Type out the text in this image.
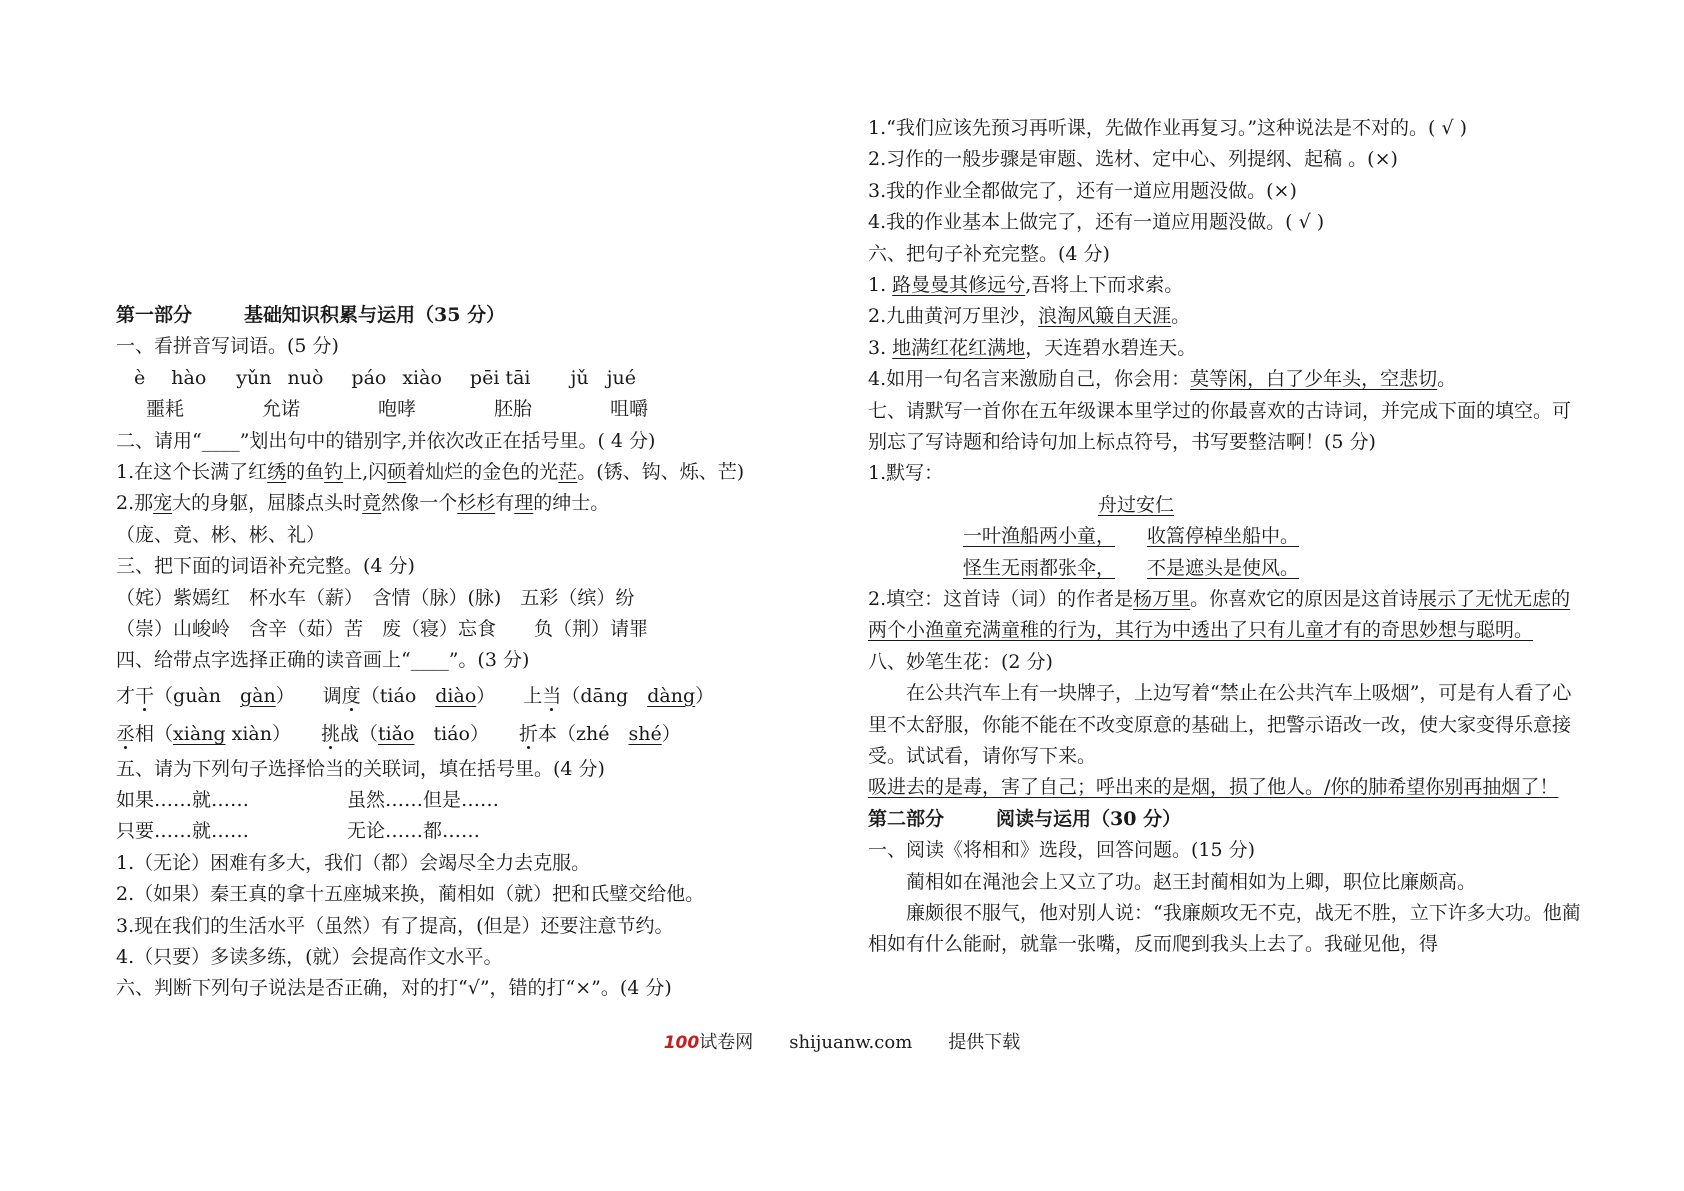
第一部分	基础知识积累与运用（35 分）
一、看拼音写词语。(5 分)
è hào yǔn nuò páo xiào pēi tāi jǔ jué
噩耗	允诺	咆哮	胚胎	咀嚼
二、请用“____”划出句中的错别字,并依次改正在括号里。( 4 分)
1.在这个长满了红绣的鱼钓上,闪硕着灿烂的金色的光茫。(锈、钩、烁、芒)
2.那宠大的身躯，屈膝点头时竟然像一个杉杉有理的绅士。
（庞、竟、彬、彬、礼）
三、把下面的词语补充完整。(4 分)
（姹）紫嫣红　杯水车（薪）　含情（脉）(脉)　五彩（缤）纷
（崇）山峻岭　含辛（茹）苦　废（寝）忘食　　负（荆）请罪
四、给带点字选择正确的读音画上“____”。(3 分)
才干（guàn　gàn） 调度（tiáo　diào） 上当（dāng　dàng）
丞相（xiàng xiàn） 挑战（tiǎo　tiáo） 折本（zhé　shé）
五、请为下列句子选择恰当的关联词，填在括号里。(4 分)
如果……就……	虽然……但是……
只要……就……	无论……都……
1.（无论）困难有多大，我们（都）会竭尽全力去克服。
2.（如果）秦王真的拿十五座城来换，蔺相如（就）把和氏璧交给他。
3.现在我们的生活水平（虽然）有了提高，(但是）还要注意节约。
4.（只要）多读多练，(就）会提高作文水平。
六、判断下列句子说法是否正确，对的打“√”，错的打“×”。(4 分)
1.“我们应该先预习再听课，先做作业再复习。”这种说法是不对的。( √ )
2.习作的一般步骤是审题、选材、定中心、列提纲、起稿 。(×)
3.我的作业全都做完了，还有一道应用题没做。(×)
4.我的作业基本上做完了，还有一道应用题没做。( √ )
六、把句子补充完整。(4 分)
1. 路曼曼其修远兮,吾将上下而求索。
2.九曲黄河万里沙，浪淘风簸自天涯。
3. 地满红花红满地，天连碧水碧连天。
4.如用一句名言来激励自己，你会用：莫等闲，白了少年头，空悲切。
七、请默写一首你在五年级课本里学过的你最喜欢的古诗词，并完成下面的填空。可别忘了写诗题和给诗句加上标点符号，书写要整洁啊！(5 分)
1.默写：
舟过安仁
一叶渔船两小童， 收篙停棹坐船中。
怪生无雨都张伞， 不是遮头是使风。
2.填空：这首诗（词）的作者是杨万里。你喜欢它的原因是这首诗展示了无忧无虑的两个小渔童充满童稚的行为，其行为中透出了只有儿童才有的奇思妙想与聪明。
八、妙笔生花：(2 分)
在公共汽车上有一块牌子，上边写着“禁止在公共汽车上吸烟”，可是有人看了心里不太舒服，你能不能在不改变原意的基础上，把警示语改一改，使大家变得乐意接受。试试看，请你写下来。
吸进去的是毒，害了自己；呼出来的是烟，损了他人。/你的肺希望你别再抽烟了！
第二部分	阅读与运用（30 分）
一、阅读《将相和》选段，回答问题。(15 分)
蔺相如在渑池会上又立了功。赵王封蔺相如为上卿，职位比廉颇高。
廉颇很不服气，他对别人说：“我廉颇攻无不克，战无不胜，立下许多大功。他蔺相如有什么能耐，就靠一张嘴，反而爬到我头上去了。我碰见他，得
100试卷网 shijuanw.com 提供下载
